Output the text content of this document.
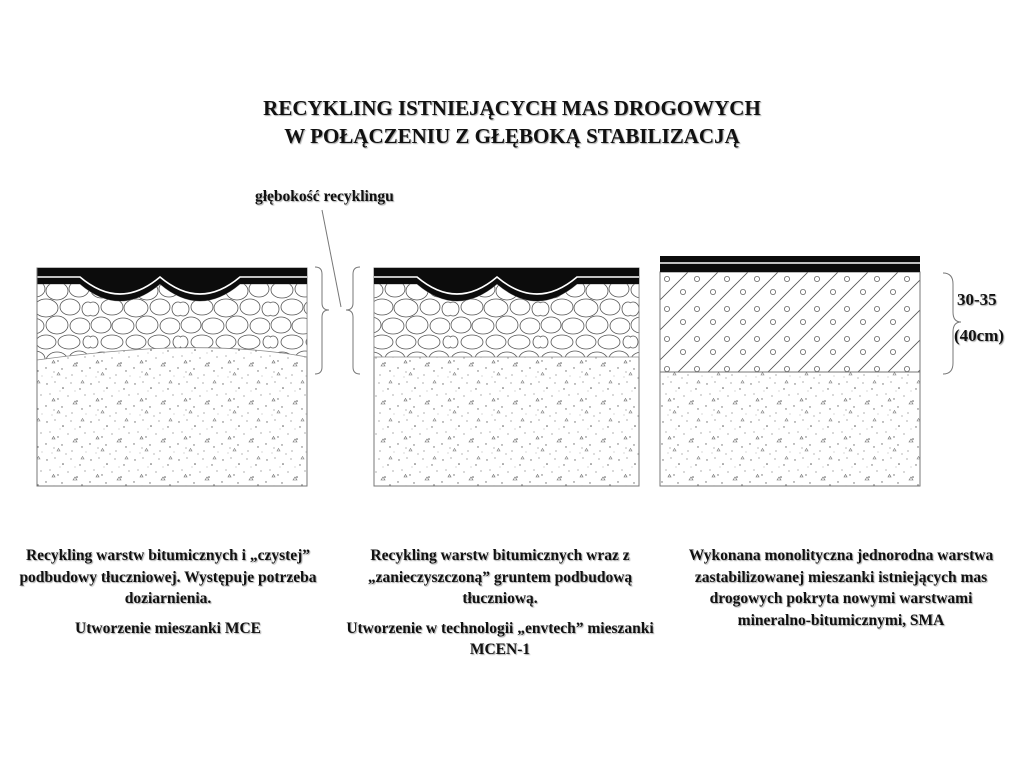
RECYKLING ISTNIEJĄCYCH MAS DROGOWYCH
W POŁĄCZENIU Z GŁĘBOKĄ STABILIZACJĄ
głębokość recyklingu
30-35
(40cm)

Recykling warstw bitumicznych i „czystej” podbudowy tłuczniowej. Występuje potrzeba doziarnienia.

Utworzenie mieszanki MCE

Recykling warstw bitumicznych wraz z „zanieczyszczoną” gruntem podbudową tłuczniową.

Utworzenie w technologii „envtech” mieszanki MCEN-1

Wykonana monolityczna jednorodna warstwa zastabilizowanej mieszanki istniejących mas drogowych pokryta nowymi warstwami mineralno-bitumicznymi, SMA
